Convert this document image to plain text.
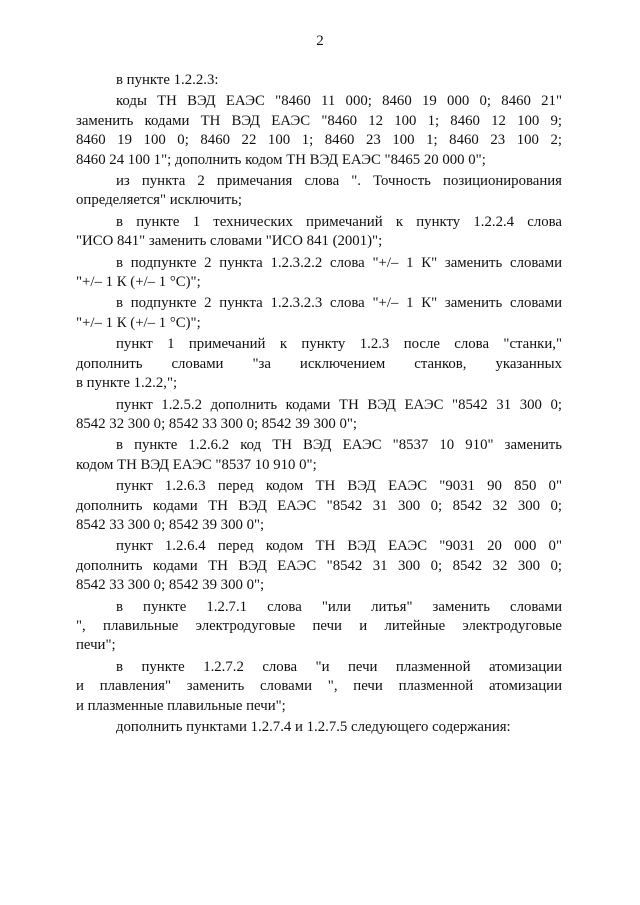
2
в пункте 1.2.2.3:
коды ТН ВЭД ЕАЭС "8460 11 000; 8460 19 000 0; 8460 21"
заменить кодами ТН ВЭД ЕАЭС "8460 12 100 1; 8460 12 100 9;
8460 19 100 0; 8460 22 100 1; 8460 23 100 1; 8460 23 100 2;
8460 24 100 1"; дополнить кодом ТН ВЭД ЕАЭС "8465 20 000 0";
из пункта 2 примечания слова ". Точность позиционирования
определяется" исключить;
в пункте 1 технических примечаний к пункту 1.2.2.4 слова
"ИСО 841" заменить словами "ИСО 841 (2001)";
в подпункте 2 пункта 1.2.3.2.2 слова "+/– 1 К" заменить словами
"+/– 1 К (+/– 1 °С)";
в подпункте 2 пункта 1.2.3.2.3 слова "+/– 1 К" заменить словами
"+/– 1 К (+/– 1 °С)";
пункт 1 примечаний к пункту 1.2.3 после слова "станки,"
дополнить словами "за исключением станков, указанных
в пункте 1.2.2,";
пункт 1.2.5.2 дополнить кодами ТН ВЭД ЕАЭС "8542 31 300 0;
8542 32 300 0; 8542 33 300 0; 8542 39 300 0";
в пункте 1.2.6.2 код ТН ВЭД ЕАЭС "8537 10 910" заменить
кодом ТН ВЭД ЕАЭС "8537 10 910 0";
пункт 1.2.6.3 перед кодом ТН ВЭД ЕАЭС "9031 90 850 0"
дополнить кодами ТН ВЭД ЕАЭС "8542 31 300 0; 8542 32 300 0;
8542 33 300 0; 8542 39 300 0";
пункт 1.2.6.4 перед кодом ТН ВЭД ЕАЭС "9031 20 000 0"
дополнить кодами ТН ВЭД ЕАЭС "8542 31 300 0; 8542 32 300 0;
8542 33 300 0; 8542 39 300 0";
в пункте 1.2.7.1 слова "или литья" заменить словами
", плавильные электродуговые печи и литейные электродуговые
печи";
в пункте 1.2.7.2 слова "и печи плазменной атомизации
и плавления" заменить словами ", печи плазменной атомизации
и плазменные плавильные печи";
дополнить пунктами 1.2.7.4 и 1.2.7.5 следующего содержания:
